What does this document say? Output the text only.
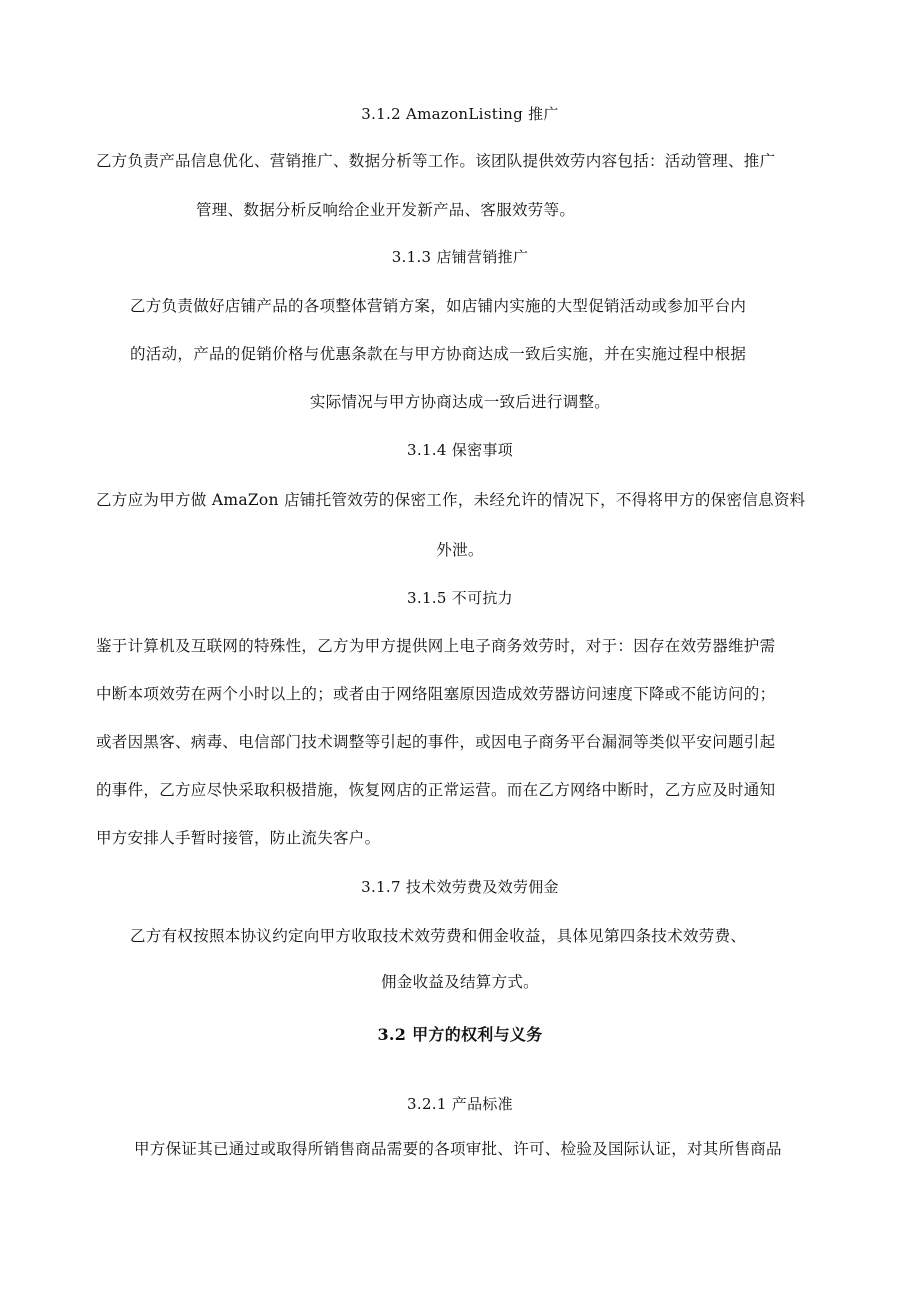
3.1.2 AmazonListing 推广
乙方负责产品信息优化、营销推广、数据分析等工作。该团队提供效劳内容包括：活动管理、推广
管理、数据分析反响给企业开发新产品、客服效劳等。
3.1.3 店铺营销推广
乙方负责做好店铺产品的各项整体营销方案，如店铺内实施的大型促销活动或参加平台内
的活动，产品的促销价格与优惠条款在与甲方协商达成一致后实施，并在实施过程中根据
实际情况与甲方协商达成一致后进行调整。
3.1.4 保密事项
乙方应为甲方做 AmaZon 店铺托管效劳的保密工作，未经允许的情况下，不得将甲方的保密信息资料
外泄。
3.1.5 不可抗力
鉴于计算机及互联网的特殊性，乙方为甲方提供网上电子商务效劳时，对于：因存在效劳器维护需
中断本项效劳在两个小时以上的；或者由于网络阻塞原因造成效劳器访问速度下降或不能访问的；
或者因黑客、病毒、电信部门技术调整等引起的事件，或因电子商务平台漏洞等类似平安问题引起
的事件，乙方应尽快采取积极措施，恢复网店的正常运营。而在乙方网络中断时，乙方应及时通知
甲方安排人手暂时接管，防止流失客户。
3.1.7 技术效劳费及效劳佣金
乙方有权按照本协议约定向甲方收取技术效劳费和佣金收益，具体见第四条技术效劳费、
佣金收益及结算方式。
3.2 甲方的权利与义务
3.2.1 产品标准
甲方保证其已通过或取得所销售商品需要的各项审批、许可、检验及国际认证，对其所售商品
